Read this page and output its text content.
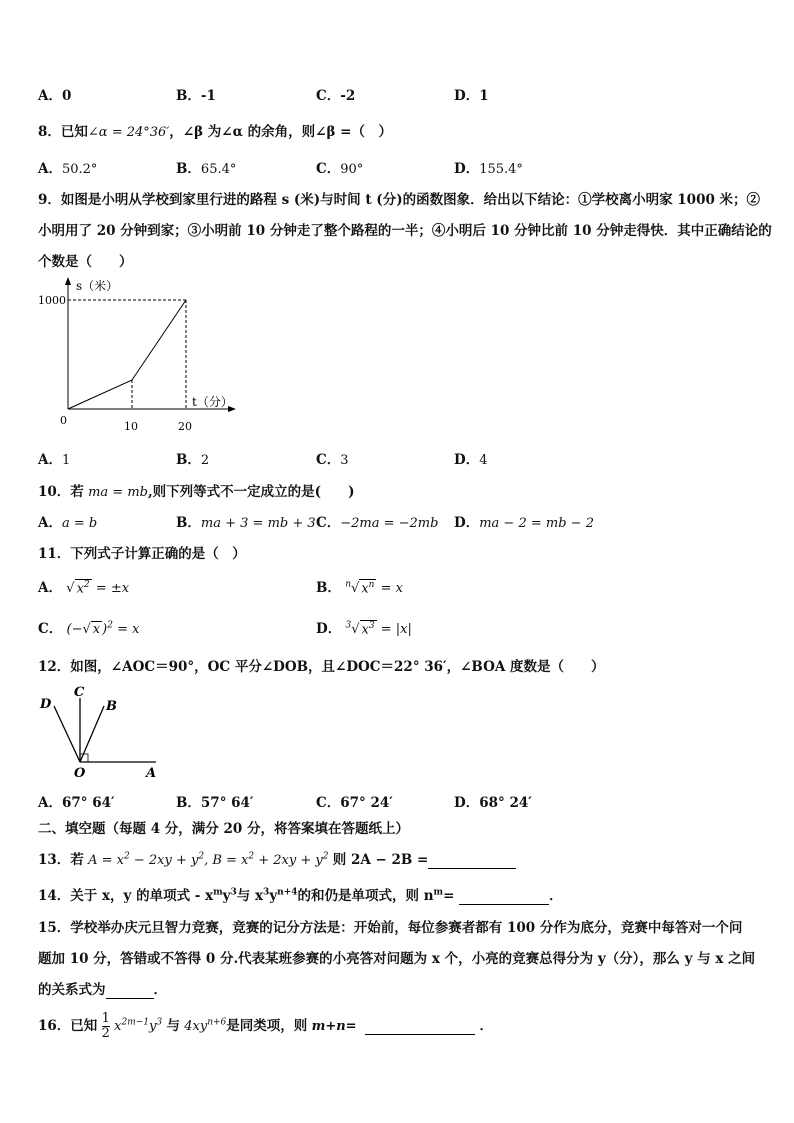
A．0	B．-1	C．-2	D．1
8．已知∠α = 24°36′，∠β 为∠α 的余角，则∠β =（　）
A．50.2°	B．65.4°	C．90°	D．155.4°
9．如图是小明从学校到家里行进的路程 s (米)与时间 t (分)的函数图象．给出以下结论：①学校离小明家 1000 米；②
小明用了 20 分钟到家；③小明前 10 分钟走了整个路程的一半；④小明后 10 分钟比前 10 分钟走得快．其中正确结论的
个数是（　　）
s（米）
1000
0	10	20
t（分）
A．1	B．2	C．3	D．4
10．若 ma = mb,则下列等式不一定成立的是(　　)
A．a = b	B．ma + 3 = mb + 3 C．−2ma = −2mb D．ma − 2 = mb − 2
11．下列式子计算正确的是（　）
A． √ $x^2 = \pm x$	B． $^n$√ $x^n = x$
C． (−√ x )$^2$ = x	D． $^3$√ $x^3 = |x|$
12．如图，∠AOC＝90°，OC 平分∠DOB，且∠DOC＝22° 36′，∠BOA 度数是（　　）
D
C
B
O	A
A．67° 64′	B．57° 64′	C．67° 24′	D．68° 24′
二、填空题（每题 4 分，满分 20 分，将答案填在答题纸上）
13．若 $A = x^2 - 2xy + y^2$, $B = x^2 + 2xy + y^2$ 则 2A − 2B =
14．关于 x，y 的单项式 - $x^my^3$与 $x^3y^{n+4}$的和仍是单项式，则 $n^m=$	．
15．学校举办庆元旦智力竞赛，竞赛的记分方法是：开始前，每位参赛者都有 100 分作为底分，竞赛中每答对一个问
题加 10 分，答错或不答得 0 分.代表某班参赛的小亮答对问题为 x 个，小亮的竞赛总得分为 y（分），那么 y 与 x 之间
的关系式为	．
16．已知 $\frac{1}{2} x^{2m-1}y^3$ 与 $4xy^{n+6}$是同类项，则 m+n=	．
